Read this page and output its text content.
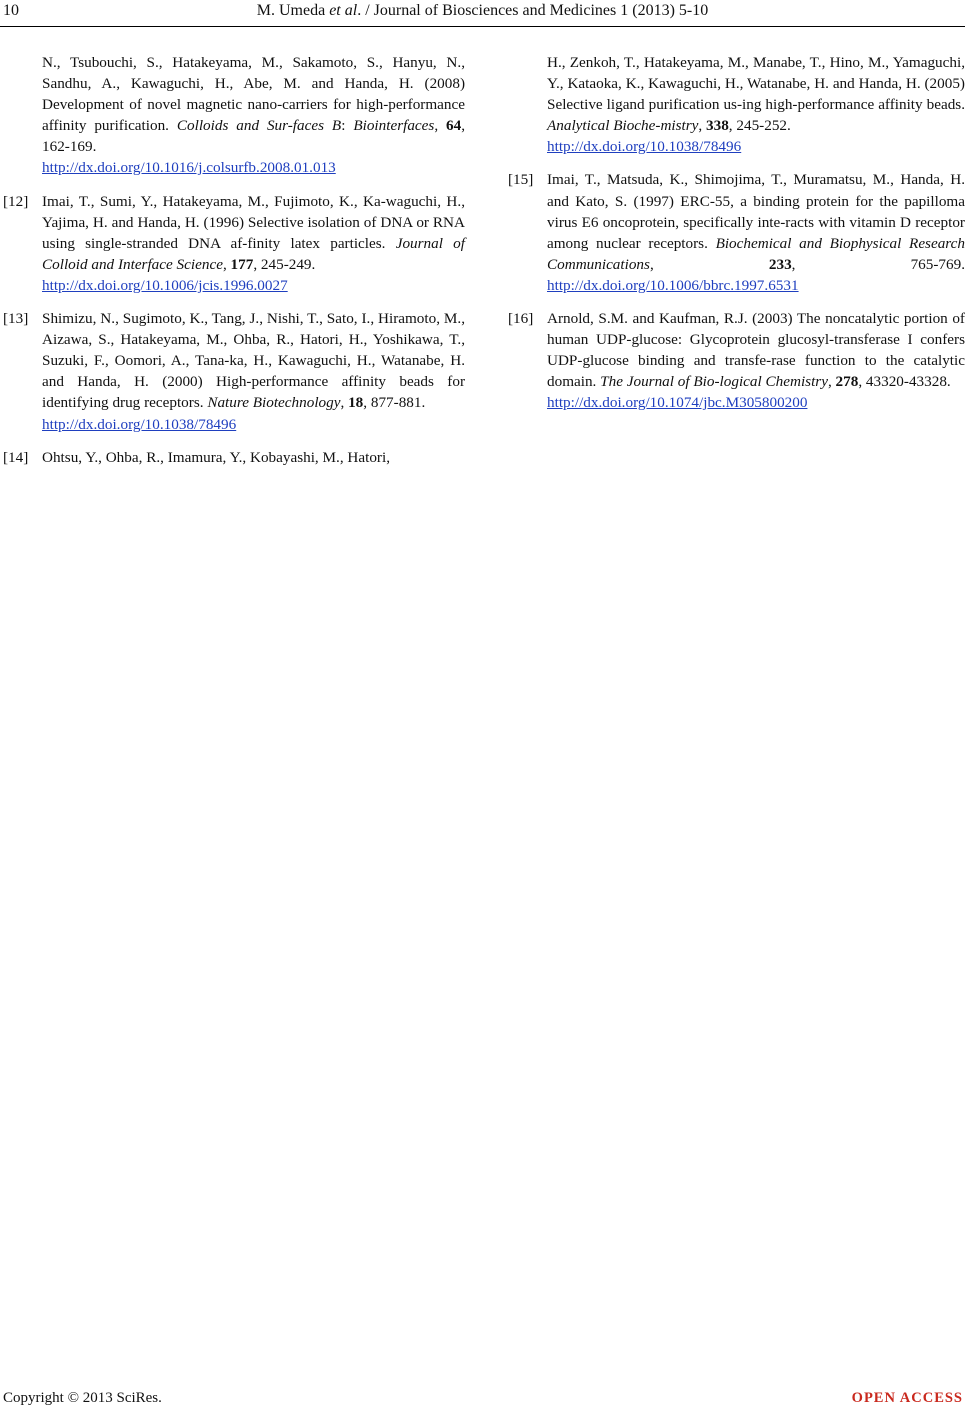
10	M. Umeda et al. / Journal of Biosciences and Medicines 1 (2013) 5-10
N., Tsubouchi, S., Hatakeyama, M., Sakamoto, S., Hanyu, N., Sandhu, A., Kawaguchi, H., Abe, M. and Handa, H. (2008) Development of novel magnetic nano-carriers for high-performance affinity purification. Colloids and Sur-faces B: Biointerfaces, 64, 162-169.
http://dx.doi.org/10.1016/j.colsurfb.2008.01.013
[12] Imai, T., Sumi, Y., Hatakeyama, M., Fujimoto, K., Ka-waguchi, H., Yajima, H. and Handa, H. (1996) Selective isolation of DNA or RNA using single-stranded DNA af-finity latex particles. Journal of Colloid and Interface Science, 177, 245-249.
http://dx.doi.org/10.1006/jcis.1996.0027
[13] Shimizu, N., Sugimoto, K., Tang, J., Nishi, T., Sato, I., Hiramoto, M., Aizawa, S., Hatakeyama, M., Ohba, R., Hatori, H., Yoshikawa, T., Suzuki, F., Oomori, A., Tana-ka, H., Kawaguchi, H., Watanabe, H. and Handa, H. (2000) High-performance affinity beads for identifying drug receptors. Nature Biotechnology, 18, 877-881.
http://dx.doi.org/10.1038/78496
[14] Ohtsu, Y., Ohba, R., Imamura, Y., Kobayashi, M., Hatori,
H., Zenkoh, T., Hatakeyama, M., Manabe, T., Hino, M., Yamaguchi, Y., Kataoka, K., Kawaguchi, H., Watanabe, H. and Handa, H. (2005) Selective ligand purification us-ing high-performance affinity beads. Analytical Bioche-mistry, 338, 245-252.
http://dx.doi.org/10.1038/78496
[15] Imai, T., Matsuda, K., Shimojima, T., Muramatsu, M., Handa, H. and Kato, S. (1997) ERC-55, a binding protein for the papilloma virus E6 oncoprotein, specifically inte-racts with vitamin D receptor among nuclear receptors. Biochemical and Biophysical Research Communications, 233, 765-769. http://dx.doi.org/10.1006/bbrc.1997.6531
[16] Arnold, S.M. and Kaufman, R.J. (2003) The noncatalytic portion of human UDP-glucose: Glycoprotein glucosyl-transferase I confers UDP-glucose binding and transfe-rase function to the catalytic domain. The Journal of Bio-logical Chemistry, 278, 43320-43328.
http://dx.doi.org/10.1074/jbc.M305800200
Copyright © 2013 SciRes.	OPEN ACCESS
